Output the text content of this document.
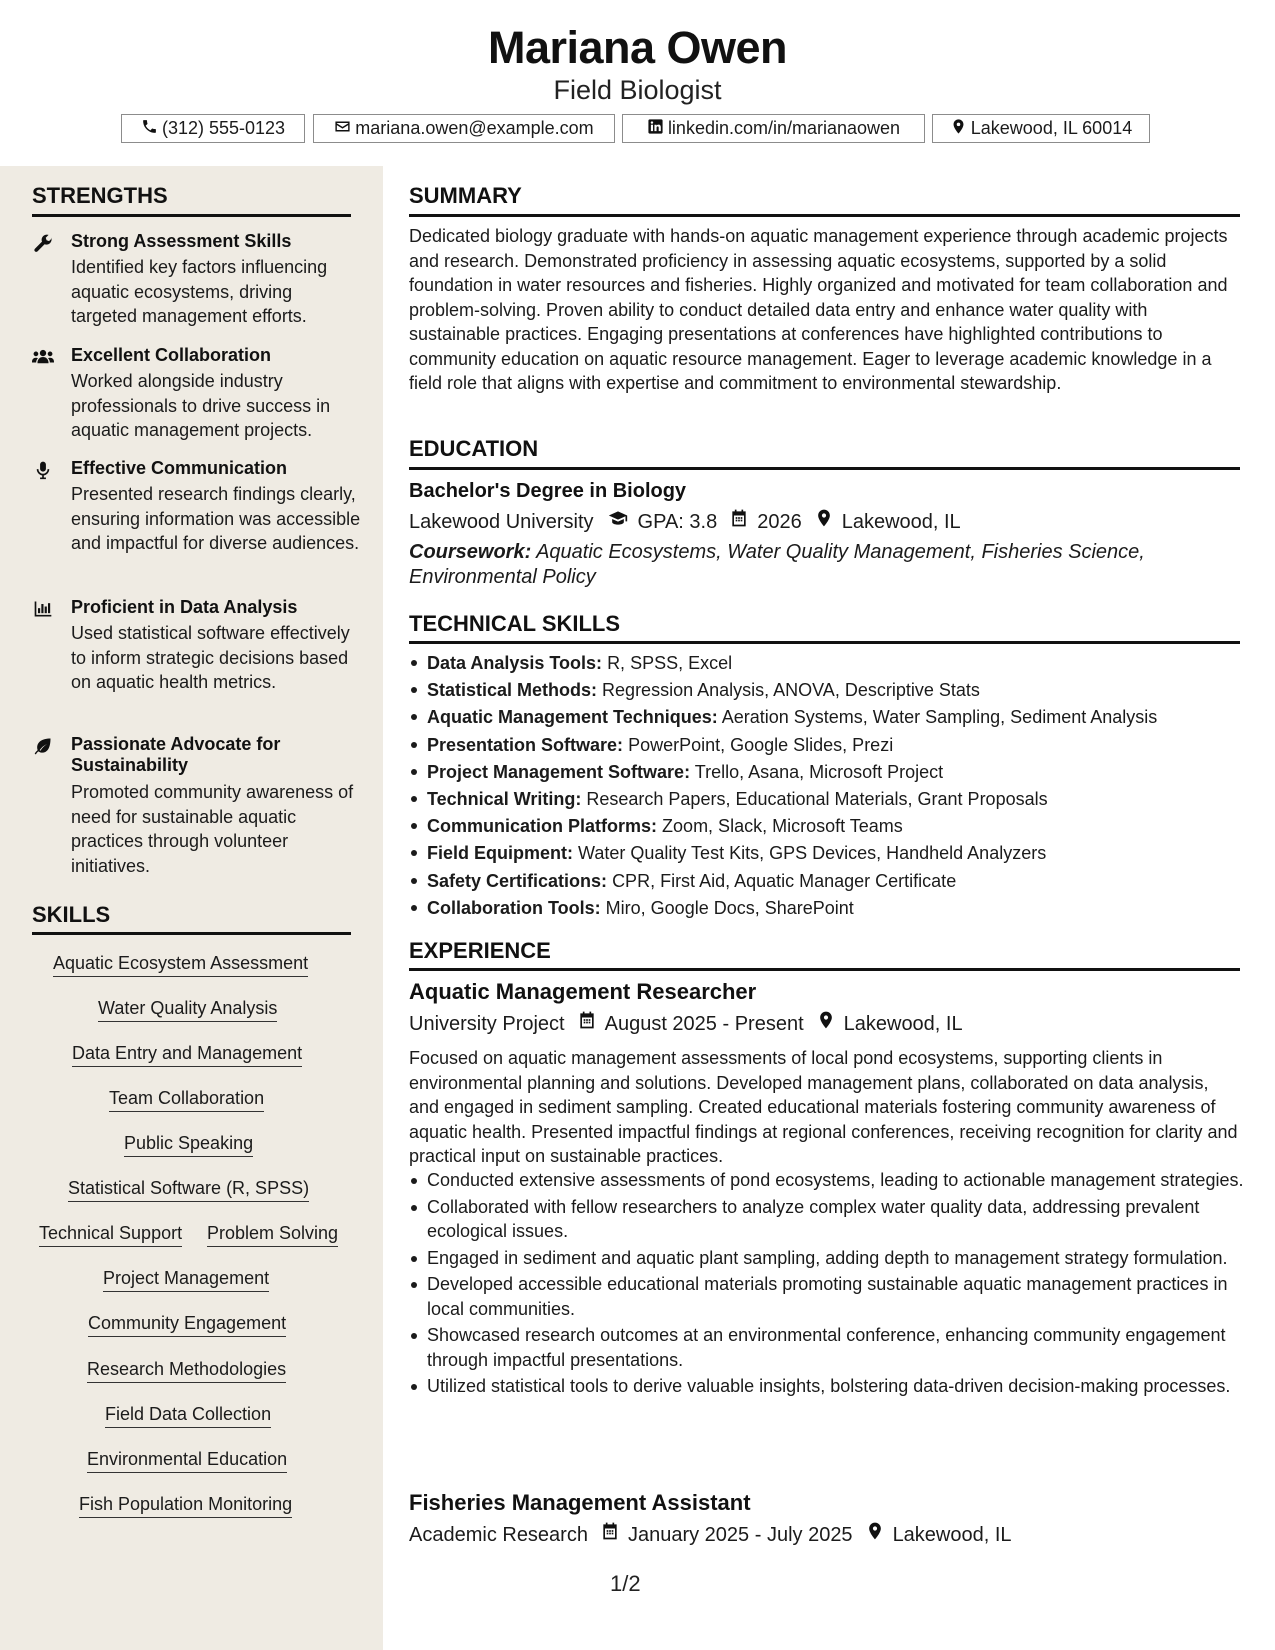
Mariana Owen
Field Biologist
(312) 555-0123	mariana.owen@example.com	linkedin.com/in/marianaowen	Lakewood, IL 60014
STRENGTHS
Strong Assessment Skills
Identified key factors influencing aquatic ecosystems, driving targeted management efforts.
Excellent Collaboration
Worked alongside industry professionals to drive success in aquatic management projects.
Effective Communication
Presented research findings clearly, ensuring information was accessible and impactful for diverse audiences.
Proficient in Data Analysis
Used statistical software effectively to inform strategic decisions based on aquatic health metrics.
Passionate Advocate for Sustainability
Promoted community awareness of need for sustainable aquatic practices through volunteer initiatives.
SKILLS
Aquatic Ecosystem Assessment
Water Quality Analysis
Data Entry and Management
Team Collaboration
Public Speaking
Statistical Software (R, SPSS)
Technical Support Problem Solving
Project Management
Community Engagement
Research Methodologies
Field Data Collection
Environmental Education
Fish Population Monitoring
SUMMARY
Dedicated biology graduate with hands-on aquatic management experience through academic projects and research. Demonstrated proficiency in assessing aquatic ecosystems, supported by a solid foundation in water resources and fisheries. Highly organized and motivated for team collaboration and problem-solving. Proven ability to conduct detailed data entry and enhance water quality with sustainable practices. Engaging presentations at conferences have highlighted contributions to community education on aquatic resource management. Eager to leverage academic knowledge in a field role that aligns with expertise and commitment to environmental stewardship.
EDUCATION
Bachelor's Degree in Biology
Lakewood University GPA: 3.8 2026 Lakewood, IL
Coursework: Aquatic Ecosystems, Water Quality Management, Fisheries Science, Environmental Policy
TECHNICAL SKILLS
Data Analysis Tools: R, SPSS, Excel
Statistical Methods: Regression Analysis, ANOVA, Descriptive Stats
Aquatic Management Techniques: Aeration Systems, Water Sampling, Sediment Analysis
Presentation Software: PowerPoint, Google Slides, Prezi
Project Management Software: Trello, Asana, Microsoft Project
Technical Writing: Research Papers, Educational Materials, Grant Proposals
Communication Platforms: Zoom, Slack, Microsoft Teams
Field Equipment: Water Quality Test Kits, GPS Devices, Handheld Analyzers
Safety Certifications: CPR, First Aid, Aquatic Manager Certificate
Collaboration Tools: Miro, Google Docs, SharePoint
EXPERIENCE
Aquatic Management Researcher
University Project August 2025 - Present Lakewood, IL
Focused on aquatic management assessments of local pond ecosystems, supporting clients in environmental planning and solutions. Developed management plans, collaborated on data analysis, and engaged in sediment sampling. Created educational materials fostering community awareness of aquatic health. Presented impactful findings at regional conferences, receiving recognition for clarity and practical input on sustainable practices.
Conducted extensive assessments of pond ecosystems, leading to actionable management strategies.
Collaborated with fellow researchers to analyze complex water quality data, addressing prevalent ecological issues.
Engaged in sediment and aquatic plant sampling, adding depth to management strategy formulation.
Developed accessible educational materials promoting sustainable aquatic management practices in local communities.
Showcased research outcomes at an environmental conference, enhancing community engagement through impactful presentations.
Utilized statistical tools to derive valuable insights, bolstering data-driven decision-making processes.
Fisheries Management Assistant
Academic Research January 2025 - July 2025 Lakewood, IL
1/2
